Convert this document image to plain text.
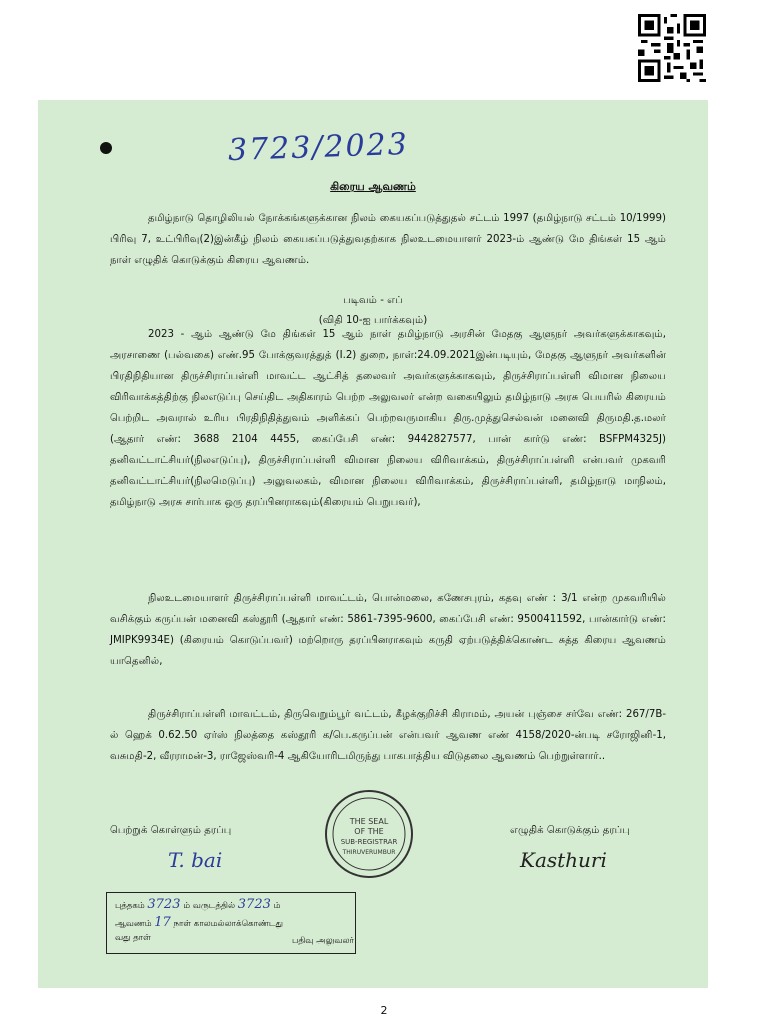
3723/2023
கிரைய ஆவணம்
தமிழ்நாடு தொழிலியல் நோக்கங்களுக்கான நிலம் கையகப்படுத்துதல் சட்டம் 1997 (தமிழ்நாடு சட்டம் 10/1999) பிரிவு 7, உட்பிரிவு(2)இன்கீழ் நிலம் கையகப்படுத்துவதற்காக நிலஉடமையாளர் 2023-ம் ஆண்டு மே திங்கள் 15 ஆம் நாள் எழுதிக் கொடுக்கும் கிரைய ஆவணம்.
படிவம் - எப்
(விதி 10-ஐ பார்க்கவும்)
2023 - ஆம் ஆண்டு மே திங்கள் 15 ஆம் நாள் தமிழ்நாடு அரசின் மேதகு ஆளுநர் அவர்களுக்காகவும், அரசாணை (பல்வகை) எண்.95 போக்குவரத்துத் (I.2) துறை, நாள்:24.09.2021இன்படியும், மேதகு ஆளுநர் அவர்களின் பிரதிநிதியான திருச்சிராப்பள்ளி மாவட்ட ஆட்சித் தலைவர் அவர்களுக்காகவும், திருச்சிராப்பள்ளி விமான நிலைய விரிவாக்கத்திற்கு நிலஎடுப்பு செய்திட அதிகாரம் பெற்ற அலுவலர் என்ற வகையிலும் தமிழ்நாடு அரசு பெயரில் கிரையம் பெற்றிட அவரால் உரிய பிரதிநிதித்துவம் அளிக்கப் பெற்றவருமாகிய திரு.முத்துசெல்வன் மனைவி திருமதி.த.மலர் (ஆதார் எண்: 3688 2104 4455, கைப்பேசி எண்: 9442827577, பான் கார்டு எண்: BSFPM4325J) தனிவட்டாட்சியர்(நிலஎடுப்பு), திருச்சிராப்பள்ளி விமான நிலைய விரிவாக்கம், திருச்சிராப்பள்ளி என்பவர் முகவரி தனிவட்டாட்சியர்(நிலமெடுப்பு) அலுவலகம், விமான நிலைய விரிவாக்கம், திருச்சிராப்பள்ளி, தமிழ்நாடு மாநிலம், தமிழ்நாடு அரசு சார்பாக ஒரு தரப்பினராகவும்(கிரையம் பெறுபவர்),
நிலஉடமையாளர் திருச்சிராப்பள்ளி மாவட்டம், பொன்மலை, கணேசபுரம், கதவு எண் : 3/1 என்ற முகவரியில் வசிக்கும் கருப்பன் மனைவி கஸ்தூரி (ஆதார் எண்: 5861-7395-9600, கைப்பேசி எண்: 9500411592, பான்கார்டு எண்: JMIPK9934E) (கிரையம் கொடுப்பவர்) மற்றொரு தரப்பினராகவும் கருதி ஏற்படுத்திக்கொண்ட சுத்த கிரைய ஆவணம் யாதெனில்,
திருச்சிராப்பள்ளி மாவட்டம், திருவெறும்பூர் வட்டம், கீழக்குறிச்சி கிராமம், அயன் புஞ்சை சர்வே எண்: 267/7B-ல் ஹெக் 0.62.50 ஏர்ஸ் நிலத்தை கஸ்தூரி க/பெ.கருப்பன் என்பவர் ஆவண எண் 4158/2020-ன்படி சரோஜினி-1, வசுமதி-2, வீரராமன்-3, ராஜேஸ்வரி-4 ஆகியோரிடமிருந்து பாகபாத்திய விடுதலை ஆவணம் பெற்றுள்ளார்..
பெற்றுக் கொள்ளும் தரப்பு	எழுதிக் கொடுக்கும் தரப்பு
T. bai	Kasthuri
THE SEAL
OF THE
SUB-REGISTRAR
THIRUVERUMBUR
புத்தகம் 3723 ம் வருடத்தில் 3723 ம்
ஆவணம் 17 நாள் காலமல்லாக்கொண்டது
வது தாள்	பதிவு அலுவலர்
2
